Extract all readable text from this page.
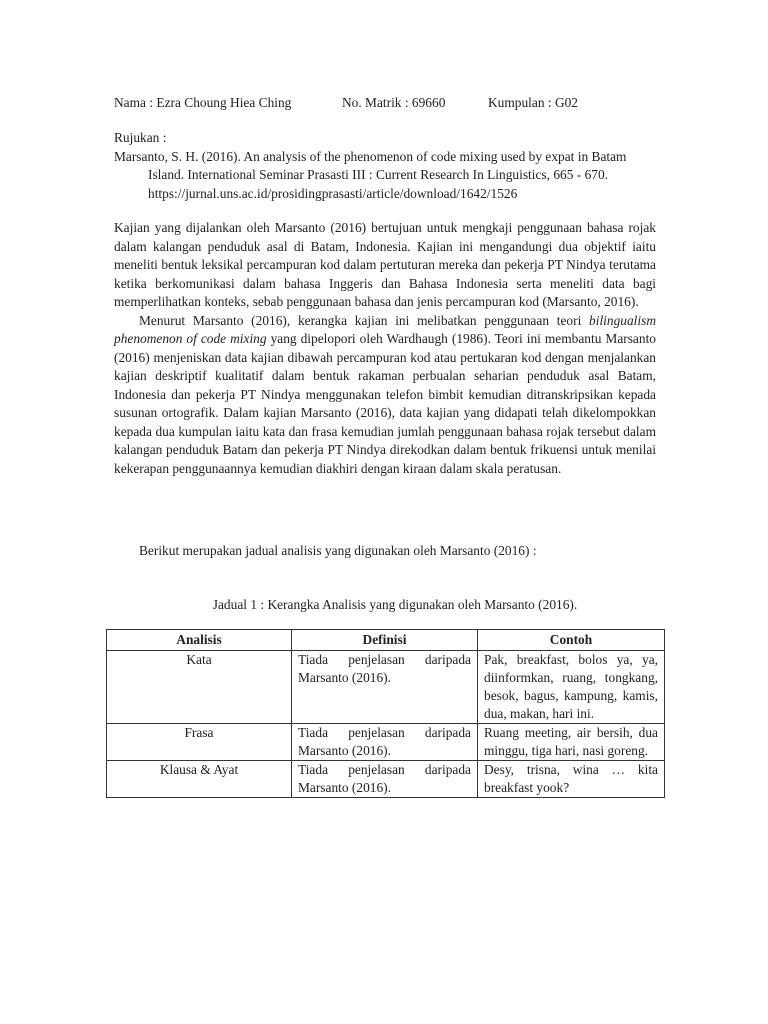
Nama : Ezra Choung Hiea Ching	No. Matrik : 69660	Kumpulan : G02

Rujukan :

Marsanto, S. H. (2016). An analysis of the phenomenon of code mixing used by expat in Batam Island. International Seminar Prasasti III : Current Research In Linguistics, 665 - 670. https://jurnal.uns.ac.id/prosidingprasasti/article/download/1642/1526

Kajian yang dijalankan oleh Marsanto (2016) bertujuan untuk mengkaji penggunaan bahasa rojak dalam kalangan penduduk asal di Batam, Indonesia. Kajian ini mengandungi dua objektif iaitu meneliti bentuk leksikal percampuran kod dalam pertuturan mereka dan pekerja PT Nindya terutama ketika berkomunikasi dalam bahasa Inggeris dan Bahasa Indonesia serta meneliti data bagi memperlihatkan konteks, sebab penggunaan bahasa dan jenis percampuran kod (Marsanto, 2016).

Menurut Marsanto (2016), kerangka kajian ini melibatkan penggunaan teori bilingualism phenomenon of code mixing yang dipelopori oleh Wardhaugh (1986). Teori ini membantu Marsanto (2016) menjeniskan data kajian dibawah percampuran kod atau pertukaran kod dengan menjalankan kajian deskriptif kualitatif dalam bentuk rakaman perbualan seharian penduduk asal Batam, Indonesia dan pekerja PT Nindya menggunakan telefon bimbit kemudian ditranskripsikan kepada susunan ortografik. Dalam kajian Marsanto (2016), data kajian yang didapati telah dikelompokkan kepada dua kumpulan iaitu kata dan frasa kemudian jumlah penggunaan bahasa rojak tersebut dalam kalangan penduduk Batam dan pekerja PT Nindya direkodkan dalam bentuk frikuensi untuk menilai kekerapan penggunaannya kemudian diakhiri dengan kiraan dalam skala peratusan.

Berikut merupakan jadual analisis yang digunakan oleh Marsanto (2016) :
Jadual 1 : Kerangka Analisis yang digunakan oleh Marsanto (2016).
Analisis	Definisi	Contoh
Kata	Tiada penjelasan daripada Marsanto (2016).	Pak, breakfast, bolos ya, ya, diinformkan, ruang, tongkang, besok, bagus, kampung, kamis, dua, makan, hari ini.
Frasa	Tiada penjelasan daripada Marsanto (2016).	Ruang meeting, air bersih, dua minggu, tiga hari, nasi goreng.
Klausa & Ayat	Tiada penjelasan daripada Marsanto (2016).	Desy, trisna, wina … kita breakfast yook?
